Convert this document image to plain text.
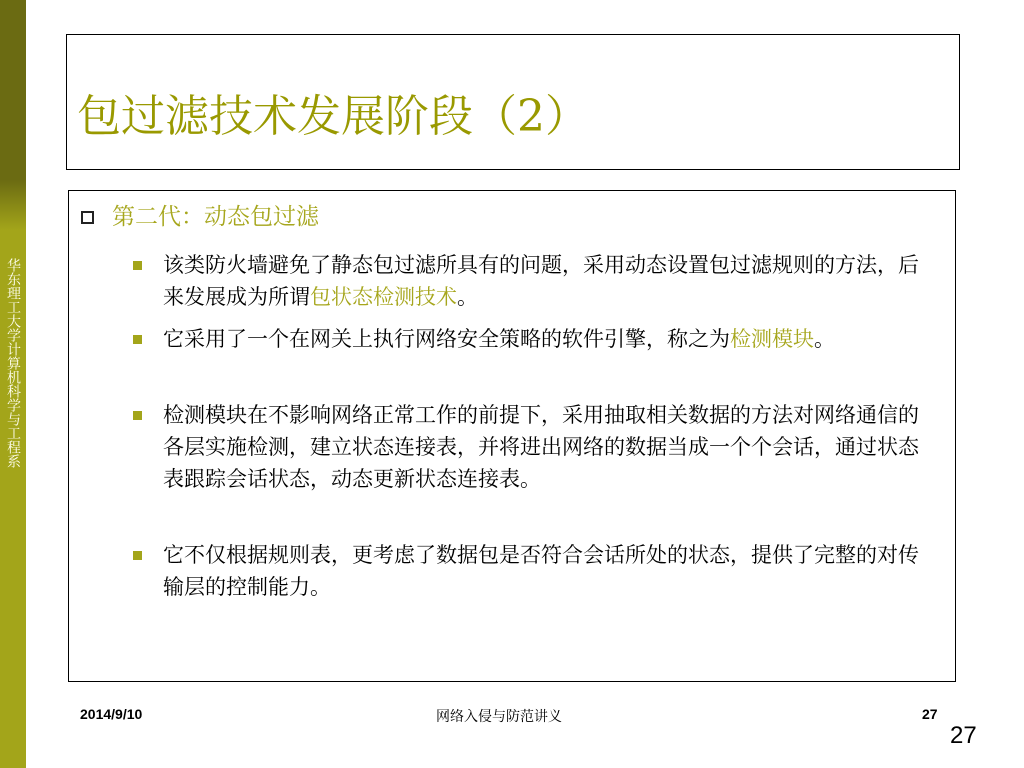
华东理工大学计算机科学与工程系
包过滤技术发展阶段（2）
第二代：动态包过滤
该类防火墙避免了静态包过滤所具有的问题，采用动态设置包过滤规则的方法，后来发展成为所谓包状态检测技术。
它采用了一个在网关上执行网络安全策略的软件引擎，称之为检测模块。
检测模块在不影响网络正常工作的前提下，采用抽取相关数据的方法对网络通信的各层实施检测，建立状态连接表，并将进出网络的数据当成一个个会话，通过状态表跟踪会话状态，动态更新状态连接表。
它不仅根据规则表，更考虑了数据包是否符合会话所处的状态，提供了完整的对传输层的控制能力。
2014/9/10	网络入侵与防范讲义	27
27
